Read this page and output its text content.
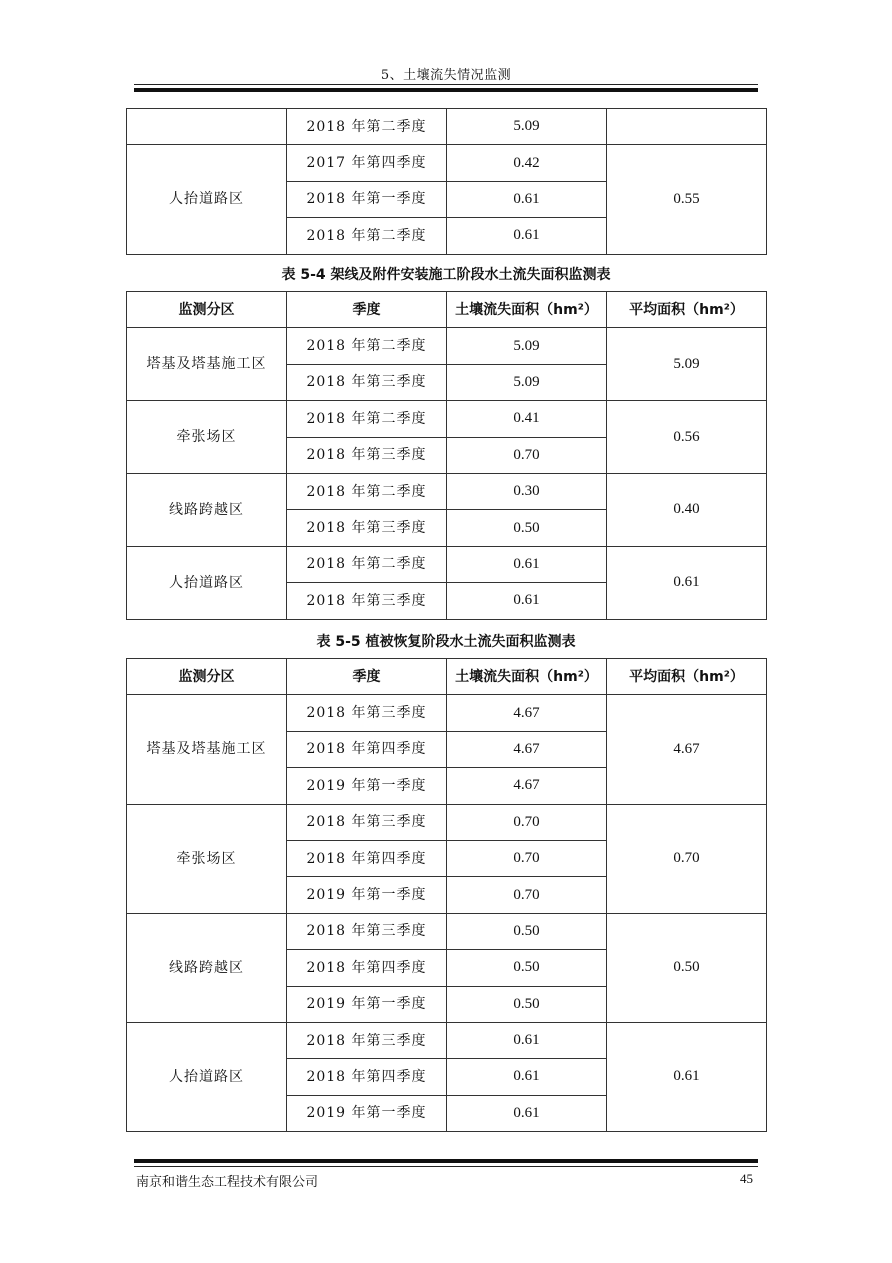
5、土壤流失情况监测
	2018 年第二季度	5.09	
人抬道路区	2017 年第四季度	0.42	0.55
	2018 年第一季度	0.61	
	2018 年第二季度	0.61	
表 5-4 架线及附件安装施工阶段水土流失面积监测表
监测分区	季度	土壤流失面积（hm²）	平均面积（hm²）
塔基及塔基施工区	2018 年第二季度	5.09	5.09
	2018 年第三季度	5.09	
牵张场区	2018 年第二季度	0.41	0.56
	2018 年第三季度	0.70	
线路跨越区	2018 年第二季度	0.30	0.40
	2018 年第三季度	0.50	
人抬道路区	2018 年第二季度	0.61	0.61
	2018 年第三季度	0.61	
表 5-5 植被恢复阶段水土流失面积监测表
监测分区	季度	土壤流失面积（hm²）	平均面积（hm²）
塔基及塔基施工区	2018 年第三季度	4.67	4.67
	2018 年第四季度	4.67	
	2019 年第一季度	4.67	
牵张场区	2018 年第三季度	0.70	0.70
	2018 年第四季度	0.70	
	2019 年第一季度	0.70	
线路跨越区	2018 年第三季度	0.50	0.50
	2018 年第四季度	0.50	
	2019 年第一季度	0.50	
人抬道路区	2018 年第三季度	0.61	0.61
	2018 年第四季度	0.61	
	2019 年第一季度	0.61	
南京和谐生态工程技术有限公司	45
